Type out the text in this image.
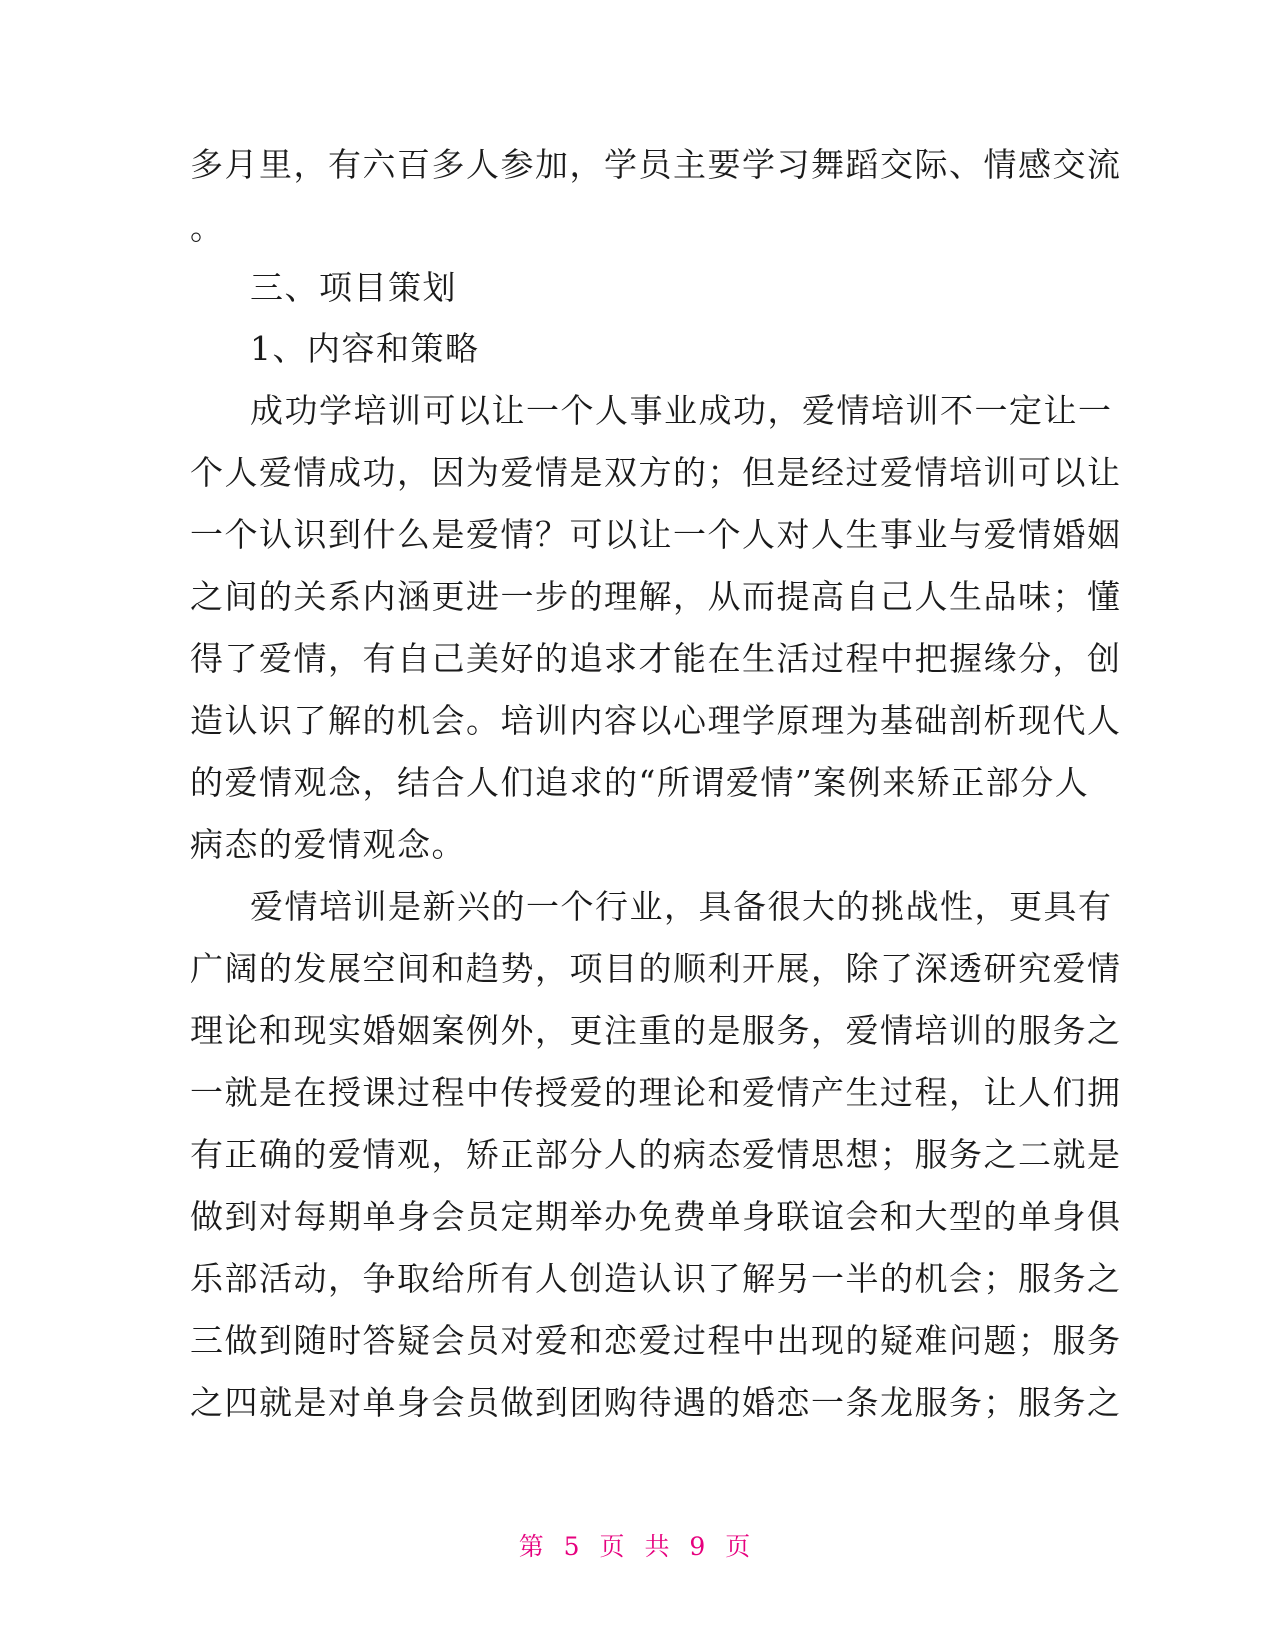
多月里，有六百多人参加，学员主要学习舞蹈交际、情感交流
。
三、项目策划
1、内容和策略
成功学培训可以让一个人事业成功，爱情培训不一定让一
个人爱情成功，因为爱情是双方的；但是经过爱情培训可以让
一个认识到什么是爱情？可以让一个人对人生事业与爱情婚姻
之间的关系内涵更进一步的理解，从而提高自己人生品味；懂
得了爱情，有自己美好的追求才能在生活过程中把握缘分，创
造认识了解的机会。培训内容以心理学原理为基础剖析现代人
的爱情观念，结合人们追求的“所谓爱情”案例来矫正部分人
病态的爱情观念。
爱情培训是新兴的一个行业，具备很大的挑战性，更具有
广阔的发展空间和趋势，项目的顺利开展，除了深透研究爱情
理论和现实婚姻案例外，更注重的是服务，爱情培训的服务之
一就是在授课过程中传授爱的理论和爱情产生过程，让人们拥
有正确的爱情观，矫正部分人的病态爱情思想；服务之二就是
做到对每期单身会员定期举办免费单身联谊会和大型的单身俱
乐部活动，争取给所有人创造认识了解另一半的机会；服务之
三做到随时答疑会员对爱和恋爱过程中出现的疑难问题；服务
之四就是对单身会员做到团购待遇的婚恋一条龙服务；服务之
第 5 页 共 9 页
